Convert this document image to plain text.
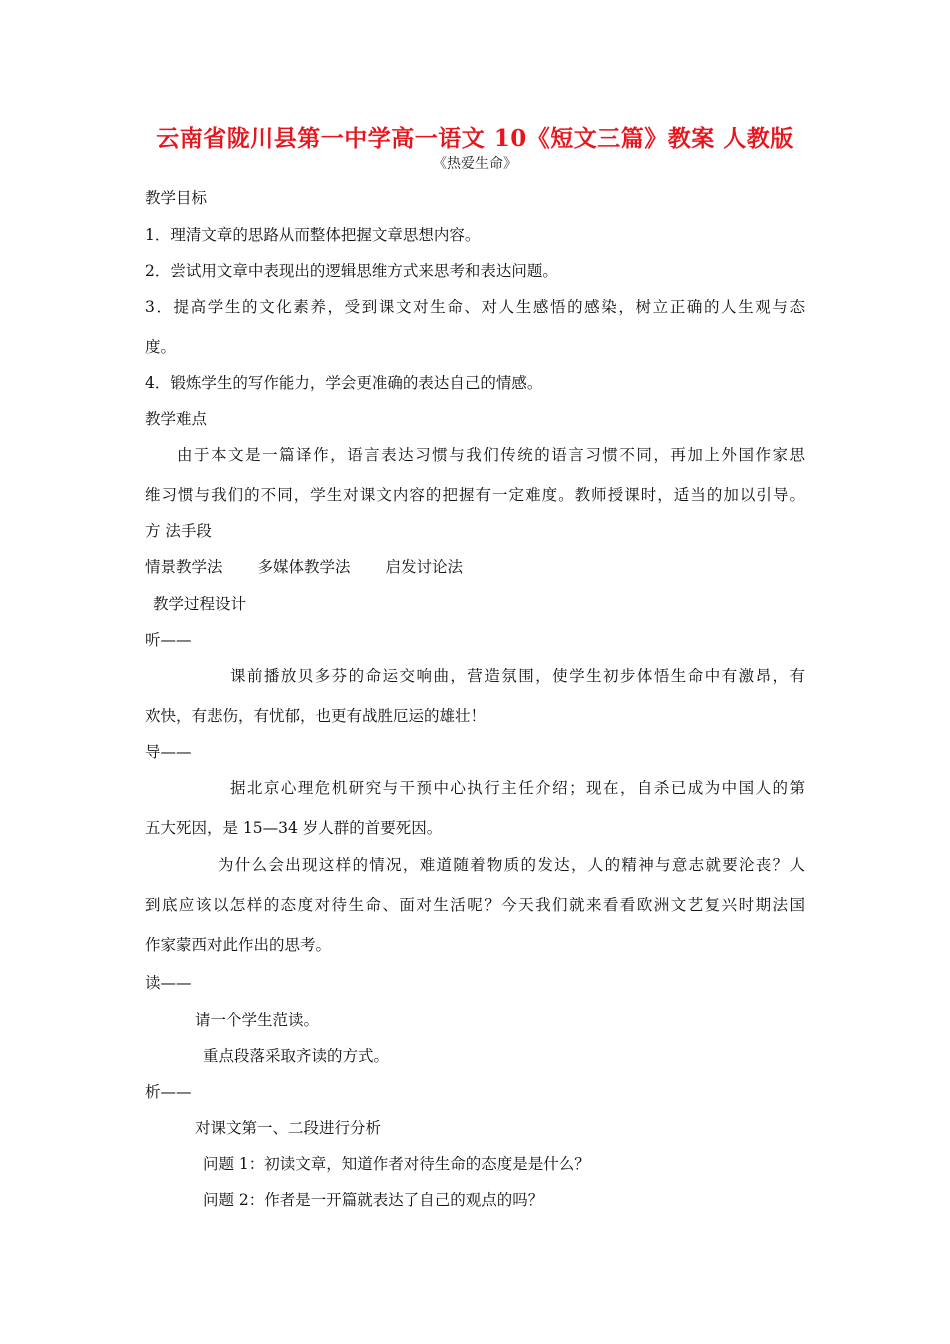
云南省陇川县第一中学高一语文 10《短文三篇》教案 人教版
《热爱生命》
教学目标
1．理清文章的思路从而整体把握文章思想内容。
2．尝试用文章中表现出的逻辑思维方式来思考和表达问题。
3．提高学生的文化素养，受到课文对生命、对人生感悟的感染，树立正确的人生观与态
度。
4．锻炼学生的写作能力，学会更准确的表达自己的情感。
教学难点
由于本文是一篇译作，语言表达习惯与我们传统的语言习惯不同，再加上外国作家思
维习惯与我们的不同，学生对课文内容的把握有一定难度。教师授课时，适当的加以引导。
方 法手段
情景教学法 多媒体教学法 启发讨论法
教学过程设计
听——
课前播放贝多芬的命运交响曲，营造氛围，使学生初步体悟生命中有激昂，有
欢快，有悲伤，有忧郁，也更有战胜厄运的雄壮！
导——
据北京心理危机研究与干预中心执行主任介绍；现在，自杀已成为中国人的第
五大死因，是 15—34 岁人群的首要死因。
为什么会出现这样的情况，难道随着物质的发达，人的精神与意志就要沦丧？人
到底应该以怎样的态度对待生命、面对生活呢？今天我们就来看看欧洲文艺复兴时期法国
作家蒙西对此作出的思考。
读——
请一个学生范读。
重点段落采取齐读的方式。
析——
对课文第一、二段进行分析
问题 1：初读文章，知道作者对待生命的态度是是什么？
问题 2：作者是一开篇就表达了自己的观点的吗？
